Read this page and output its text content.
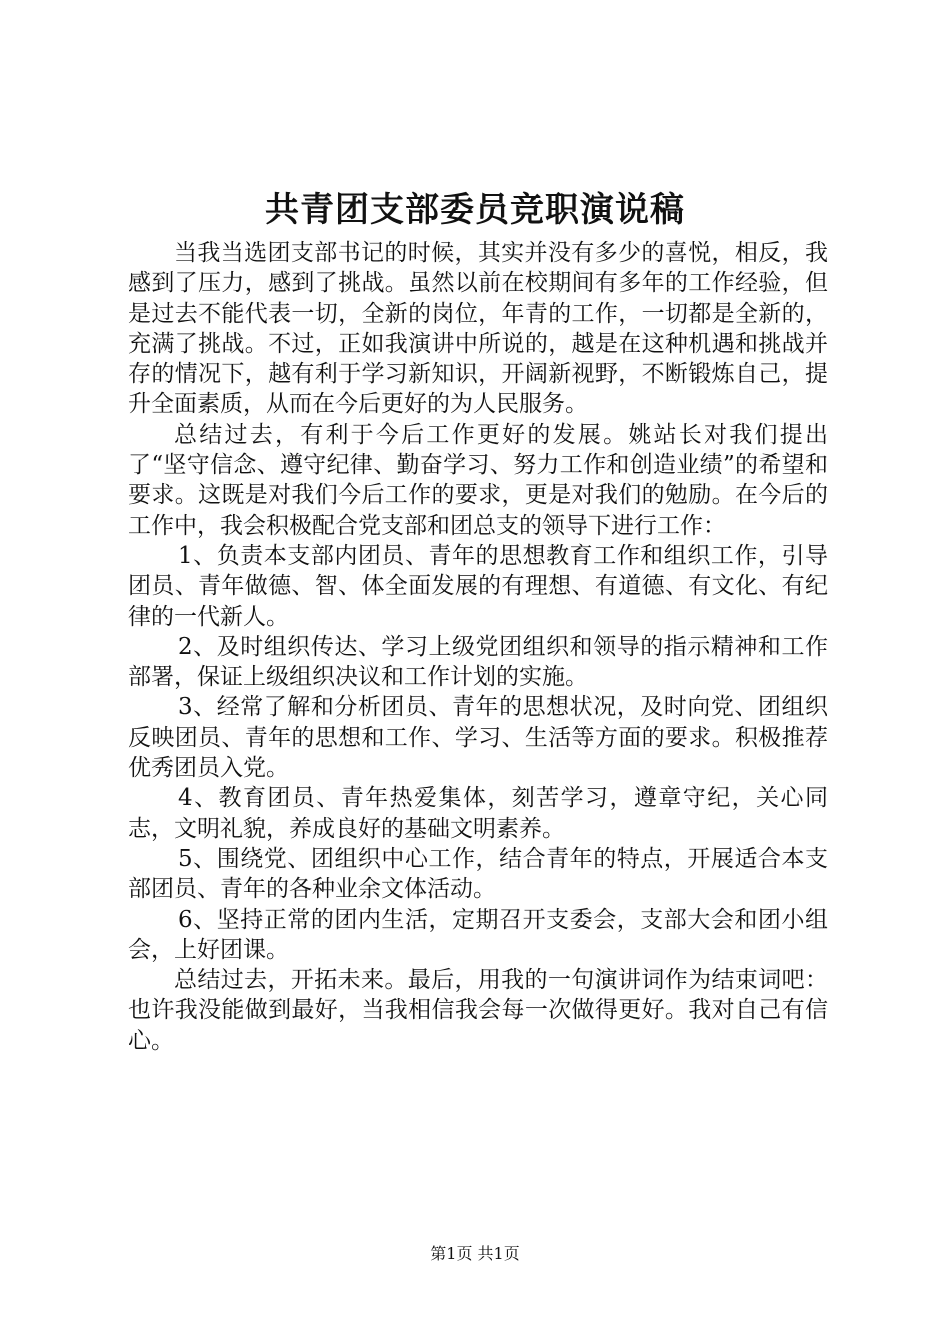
共青团支部委员竞职演说稿

当我当选团支部书记的时候，其实并没有多少的喜悦，相反，我感到了压力，感到了挑战。虽然以前在校期间有多年的工作经验，但是过去不能代表一切，全新的岗位，年青的工作，一切都是全新的，充满了挑战。不过，正如我演讲中所说的，越是在这种机遇和挑战并存的情况下，越有利于学习新知识，开阔新视野，不断锻炼自己，提升全面素质，从而在今后更好的为人民服务。

总结过去，有利于今后工作更好的发展。姚站长对我们提出了“坚守信念、遵守纪律、勤奋学习、努力工作和创造业绩”的希望和要求。这既是对我们今后工作的要求，更是对我们的勉励。在今后的工作中，我会积极配合党支部和团总支的领导下进行工作：

1、负责本支部内团员、青年的思想教育工作和组织工作，引导团员、青年做德、智、体全面发展的有理想、有道德、有文化、有纪律的一代新人。

2、及时组织传达、学习上级党团组织和领导的指示精神和工作部署，保证上级组织决议和工作计划的实施。

3、经常了解和分析团员、青年的思想状况，及时向党、团组织反映团员、青年的思想和工作、学习、生活等方面的要求。积极推荐优秀团员入党。

4、教育团员、青年热爱集体，刻苦学习，遵章守纪，关心同志，文明礼貌，养成良好的基础文明素养。

5、围绕党、团组织中心工作，结合青年的特点，开展适合本支部团员、青年的各种业余文体活动。

6、坚持正常的团内生活，定期召开支委会，支部大会和团小组会，上好团课。

总结过去，开拓未来。最后，用我的一句演讲词作为结束词吧：也许我没能做到最好，当我相信我会每一次做得更好。我对自己有信心。

第1页 共1页
